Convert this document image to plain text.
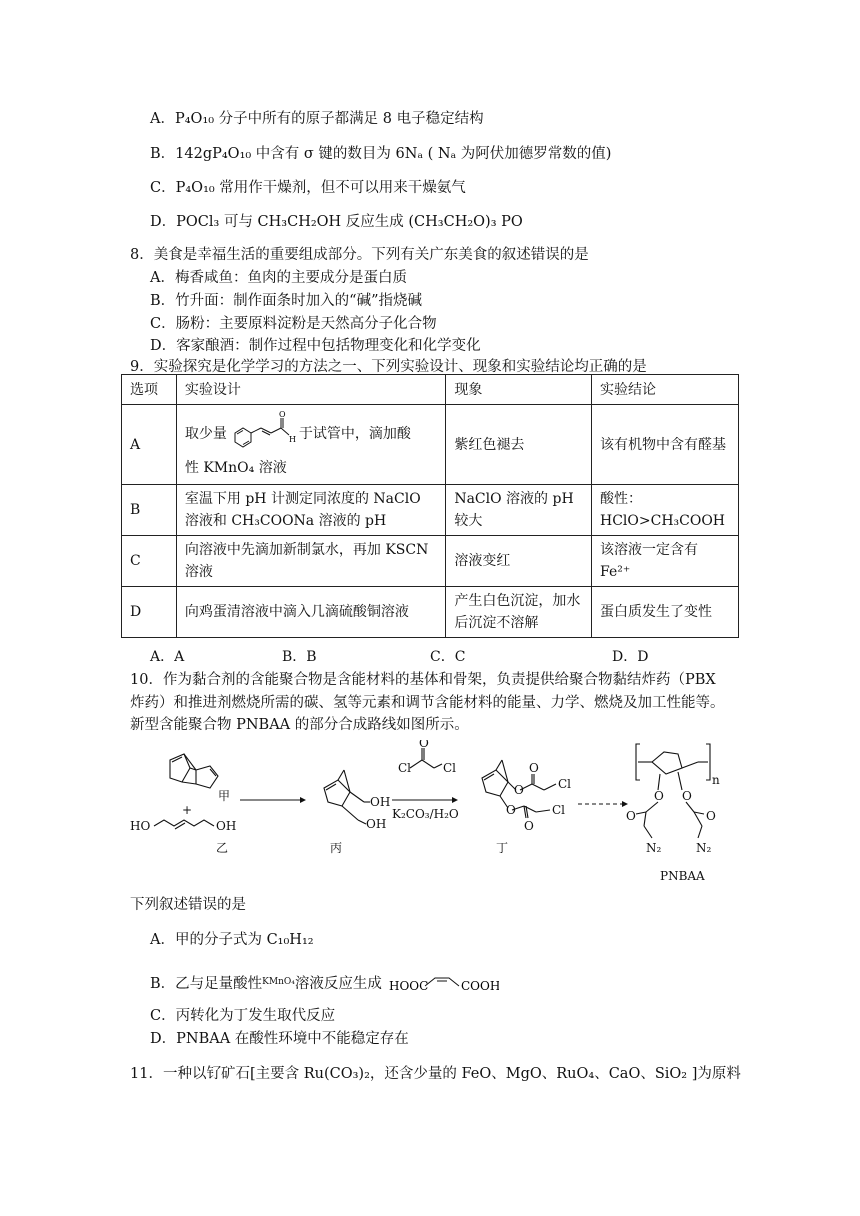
A．P₄O₁₀ 分子中所有的原子都满足 8 电子稳定结构
B．142gP₄O₁₀ 中含有 σ 键的数目为 6Nₐ ( Nₐ 为阿伏加德罗常数的值)
C．P₄O₁₀ 常用作干燥剂，但不可以用来干燥氨气
D．POCl₃ 可与 CH₃CH₂OH 反应生成 (CH₃CH₂O)₃ PO
8．美食是幸福生活的重要组成部分。下列有关广东美食的叙述错误的是
A．梅香咸鱼：鱼肉的主要成分是蛋白质
B．竹升面：制作面条时加入的“碱”指烧碱
C．肠粉：主要原料淀粉是天然高分子化合物
D．客家酿酒：制作过程中包括物理变化和化学变化
9．实验探究是化学学习的方法之一、下列实验设计、现象和实验结论均正确的是
选项	实验设计	现象	实验结论
A	取少量
O
H 于试管中，滴加酸
性 KMnO₄ 溶液	紫红色褪去	该有机物中含有醛基
B	室温下用 pH 计测定同浓度的 NaClO 溶液和 CH₃COONa 溶液的 pH	NaClO 溶液的 pH 较大	酸性：HClO>CH₃COOH
C	向溶液中先滴加新制氯水，再加 KSCN 溶液	溶液变红	该溶液一定含有 Fe²⁺
D	向鸡蛋清溶液中滴入几滴硫酸铜溶液	产生白色沉淀，加水后沉淀不溶解	蛋白质发生了变性
A．A	B．B	C．C	D．D
10．作为黏合剂的含能聚合物是含能材料的基体和骨架，负责提供给聚合物黏结炸药（PBX
炸药）和推进剂燃烧所需的碳、氢等元素和调节含能材料的能量、力学、燃烧及加工性能等。
新型含能聚合物 PNBAA 的部分合成路线如图所示。
甲
+
HO	OH
乙
OH
OH
丙
Cl
O
Cl
K₂CO₃/H₂O
O
O
Cl
O
O
Cl
丁
n
O O
O	O
N₂	N₂
PNBAA
下列叙述错误的是
A．甲的分子式为 C₁₀H₁₂
B．乙与足量酸性$^{KMnO_4}$溶液反应生成 HOOC	COOH
C．丙转化为丁发生取代反应
D．PNBAA 在酸性环境中不能稳定存在
11．一种以钌矿石[主要含 Ru(CO₃)₂，还含少量的 FeO、MgO、RuO₄、CaO、SiO₂ ]为原料
